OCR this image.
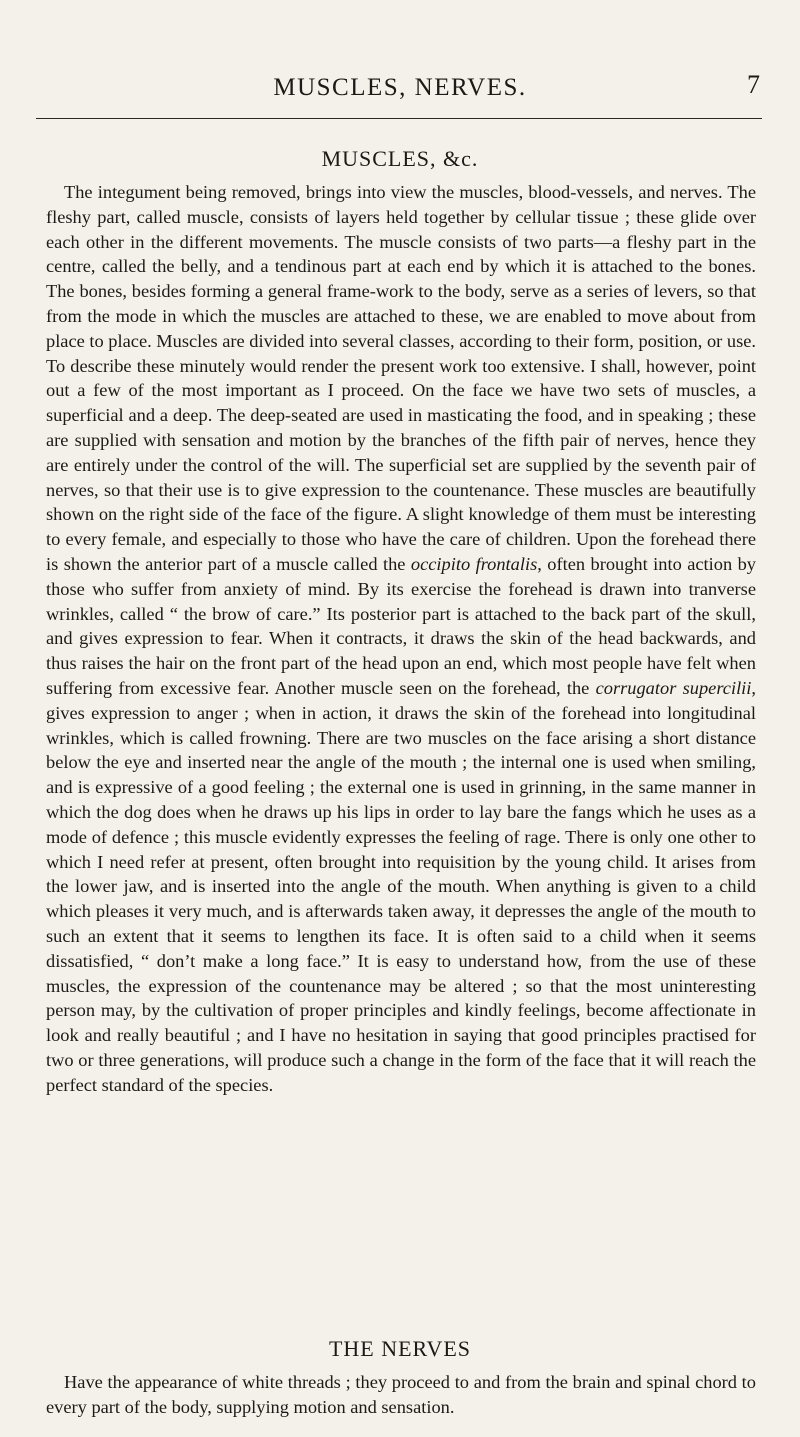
MUSCLES, NERVES.	7
MUSCLES, &c.

The integument being removed, brings into view the muscles, blood-vessels, and nerves. The fleshy part, called muscle, consists of layers held together by cellular tissue ; these glide over each other in the different movements. The muscle consists of two parts—a fleshy part in the centre, called the belly, and a tendinous part at each end by which it is attached to the bones. The bones, besides forming a general frame-work to the body, serve as a series of levers, so that from the mode in which the muscles are attached to these, we are enabled to move about from place to place. Muscles are divided into several classes, according to their form, position, or use. To describe these minutely would render the present work too extensive. I shall, however, point out a few of the most important as I proceed. On the face we have two sets of muscles, a superficial and a deep. The deep-seated are used in masticating the food, and in speaking ; these are supplied with sensation and motion by the branches of the fifth pair of nerves, hence they are entirely under the control of the will. The superficial set are supplied by the seventh pair of nerves, so that their use is to give expression to the countenance. These muscles are beautifully shown on the right side of the face of the figure. A slight knowledge of them must be interesting to every female, and especially to those who have the care of children. Upon the forehead there is shown the anterior part of a muscle called the occipito frontalis, often brought into action by those who suffer from anxiety of mind. By its exercise the forehead is drawn into tranverse wrinkles, called “ the brow of care.” Its posterior part is attached to the back part of the skull, and gives expression to fear. When it contracts, it draws the skin of the head backwards, and thus raises the hair on the front part of the head upon an end, which most people have felt when suffering from excessive fear. Another muscle seen on the forehead, the corrugator supercilii, gives expression to anger ; when in action, it draws the skin of the forehead into longitudinal wrinkles, which is called frowning. There are two muscles on the face arising a short distance below the eye and inserted near the angle of the mouth ; the internal one is used when smiling, and is expressive of a good feeling ; the external one is used in grinning, in the same manner in which the dog does when he draws up his lips in order to lay bare the fangs which he uses as a mode of defence ; this muscle evidently expresses the feeling of rage. There is only one other to which I need refer at present, often brought into requisition by the young child. It arises from the lower jaw, and is inserted into the angle of the mouth. When anything is given to a child which pleases it very much, and is afterwards taken away, it depresses the angle of the mouth to such an extent that it seems to lengthen its face. It is often said to a child when it seems dissatisfied, “ don’t make a long face.” It is easy to understand how, from the use of these muscles, the expression of the countenance may be altered ; so that the most uninteresting person may, by the cultivation of proper principles and kindly feelings, become affectionate in look and really beautiful ; and I have no hesitation in saying that good principles practised for two or three generations, will produce such a change in the form of the face that it will reach the perfect standard of the species.

THE NERVES

Have the appearance of white threads ; they proceed to and from the brain and spinal chord to every part of the body, supplying motion and sensation.
